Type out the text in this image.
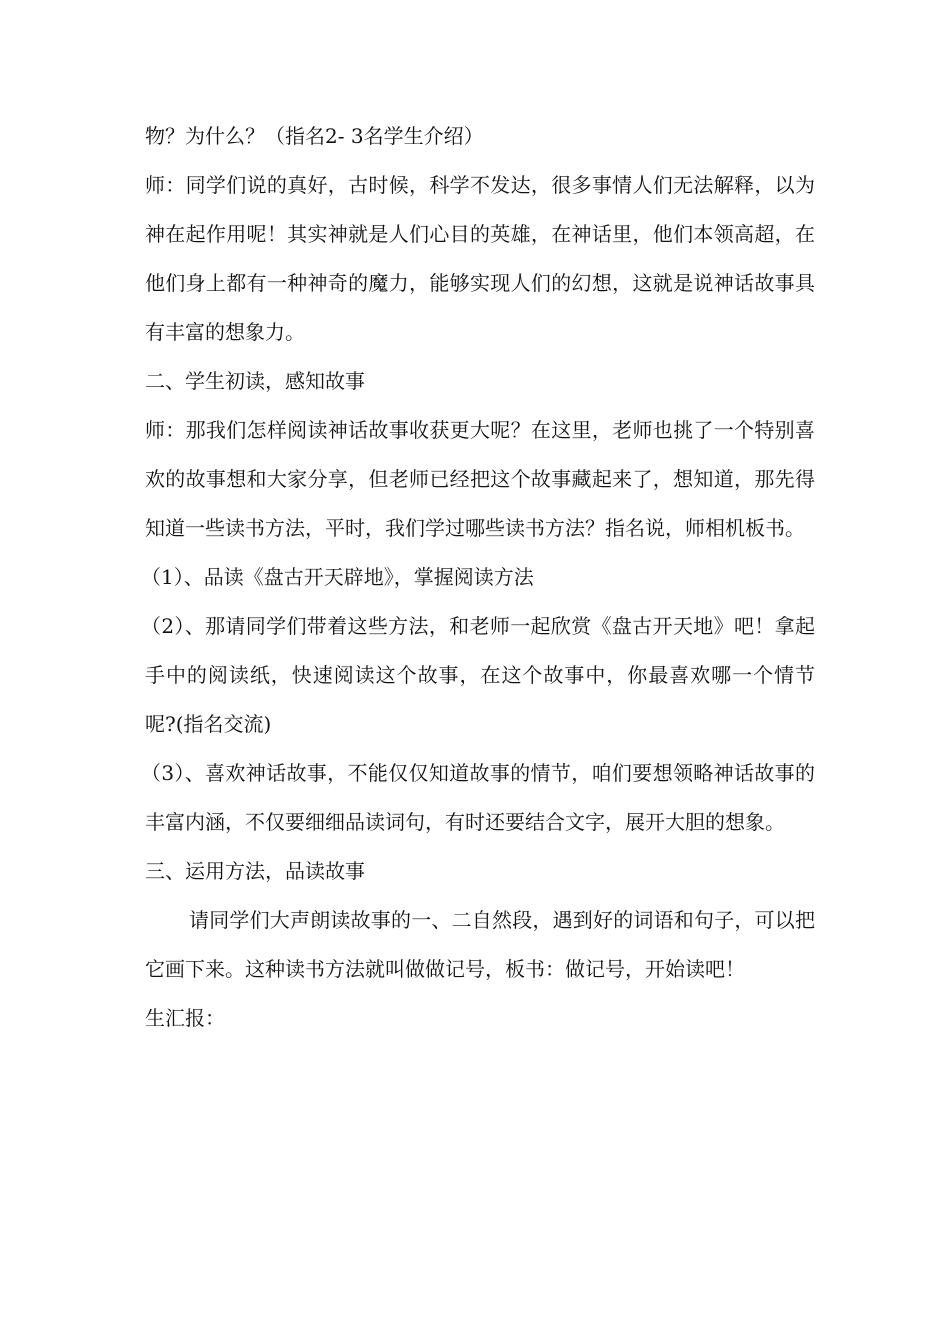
物？为什么？（指名2- 3名学生介绍）

师：同学们说的真好，古时候，科学不发达，很多事情人们无法解释，以为神在起作用呢！其实神就是人们心目的英雄，在神话里，他们本领高超，在他们身上都有一种神奇的魔力，能够实现人们的幻想，这就是说神话故事具有丰富的想象力。

二、学生初读，感知故事

师：那我们怎样阅读神话故事收获更大呢？在这里，老师也挑了一个特别喜欢的故事想和大家分享，但老师已经把这个故事藏起来了，想知道，那先得知道一些读书方法，平时，我们学过哪些读书方法？指名说，师相机板书。

（1）、品读《盘古开天辟地》，掌握阅读方法

（2）、那请同学们带着这些方法，和老师一起欣赏《盘古开天地》吧！拿起手中的阅读纸，快速阅读这个故事，在这个故事中，你最喜欢哪一个情节呢?(指名交流)

（3）、喜欢神话故事，不能仅仅知道故事的情节，咱们要想领略神话故事的丰富内涵，不仅要细细品读词句，有时还要结合文字，展开大胆的想象。

三、运用方法，品读故事

请同学们大声朗读故事的一、二自然段，遇到好的词语和句子，可以把它画下来。这种读书方法就叫做做记号，板书：做记号，开始读吧！

生汇报：
